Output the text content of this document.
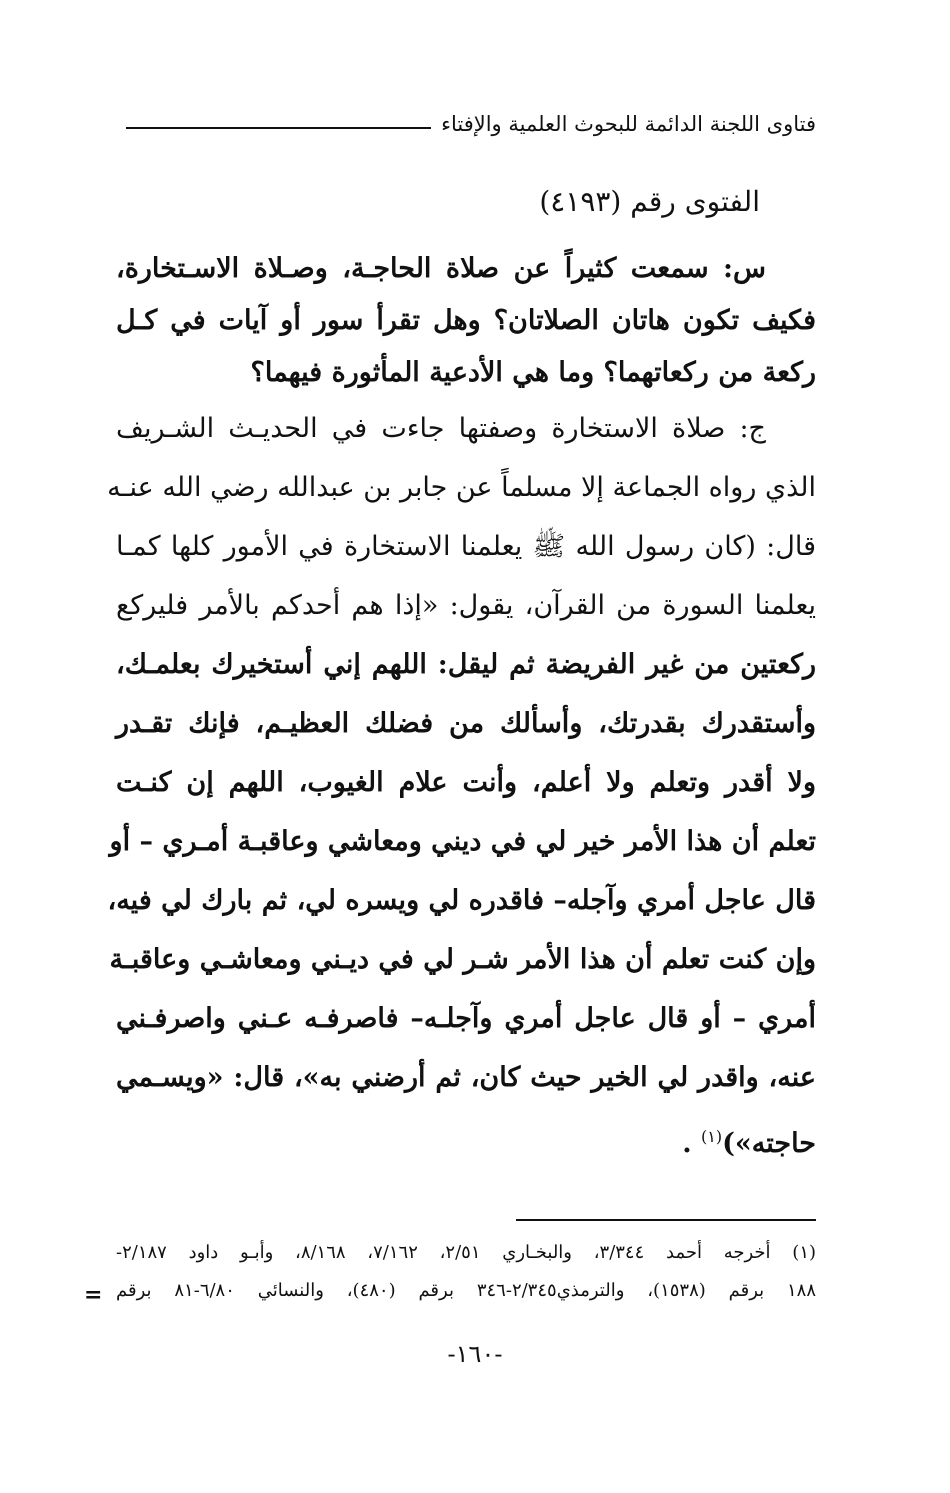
فتاوى اللجنة الدائمة للبحوث العلمية والإفتاء
الفتوى رقم (٤١٩٣)
س: سمعت كثيراً عن صلاة الحاجـة، وصـلاة الاسـتخارة،
فكيف تكون هاتان الصلاتان؟ وهل تقرأ سور أو آيات في كـل
ركعة من ركعاتهما؟ وما هي الأدعية المأثورة فيهما؟
ج: صلاة الاستخارة وصفتها جاءت في الحديـث الشـريف
الذي رواه الجماعة إلا مسلماً عن جابر بن عبدالله رضي الله عنـه
قال: (كان رسول الله ﷺ يعلمنا الاستخارة في الأمور كلها كمـا
يعلمنا السورة من القرآن، يقول: «إذا هم أحدكم بالأمر فليركع
ركعتين من غير الفريضة ثم ليقل: اللهم إني أستخيرك بعلمـك،
وأستقدرك بقدرتك، وأسألك من فضلك العظيـم، فإنك تقـدر
ولا أقدر وتعلم ولا أعلم، وأنت علام الغيوب، اللهم إن كنـت
تعلم أن هذا الأمر خير لي في ديني ومعاشي وعاقبـة أمـري – أو
قال عاجل أمري وآجله– فاقدره لي ويسره لي، ثم بارك لي فيه،
وإن كنت تعلم أن هذا الأمر شـر لي في ديـني ومعاشـي وعاقبـة
أمري – أو قال عاجل أمري وآجلـه– فاصرفـه عـني واصرفـني
عنه، واقدر لي الخير حيث كان، ثم أرضني به»، قال: «ويسـمي
حاجته»)$^{(١)}$ .
(١) أخرجه أحمد ٣/٣٤٤، والبخـاري ٢/٥١، ٧/١٦٢، ٨/١٦٨، وأبـو داود ٢/١٨٧-
١٨٨ برقم (١٥٣٨)، والترمذي٢/٣٤٥-٣٤٦ برقم (٤٨٠)، والنسائي ٦/٨٠-٨١ برقم
=
-١٦٠-
